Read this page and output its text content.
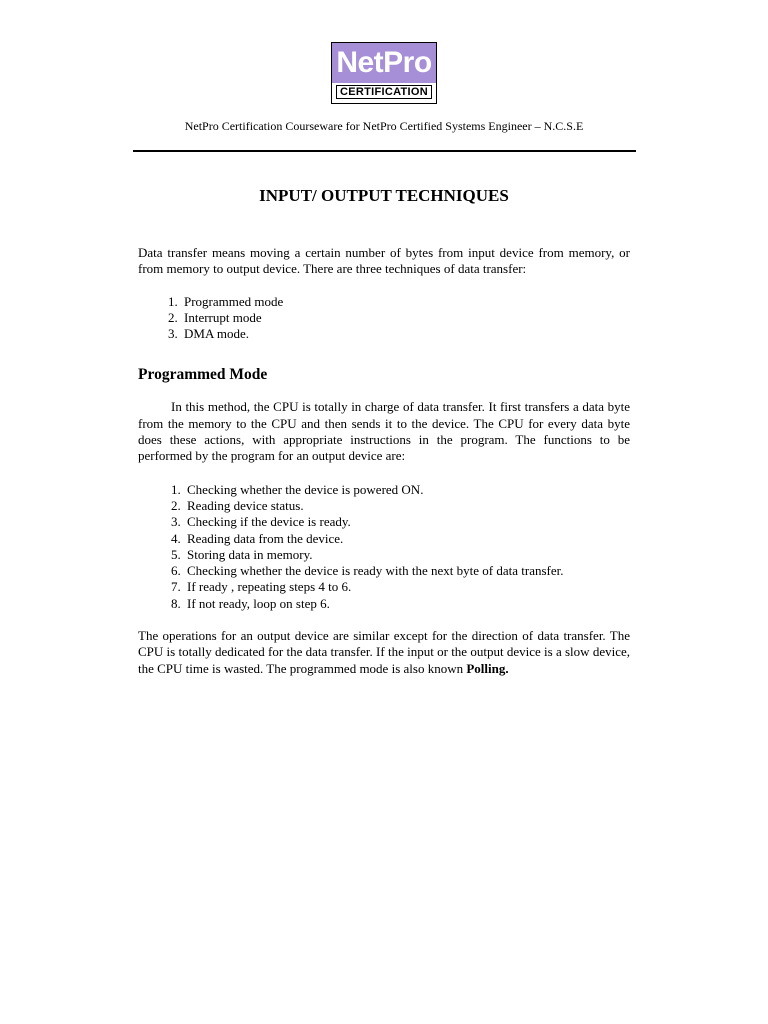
NetPro
CERTIFICATION
NetPro Certification Courseware for NetPro Certified Systems Engineer – N.C.S.E
INPUT/ OUTPUT TECHNIQUES

Data transfer means moving a certain number of bytes from input device from memory, or from memory to output device. There are three techniques of data transfer:

1. Programmed mode
2. Interrupt mode
3. DMA mode.
Programmed Mode

In this method, the CPU is totally in charge of data transfer. It first transfers a data byte from the memory to the CPU and then sends it to the device. The CPU for every data byte does these actions, with appropriate instructions in the program. The functions to be performed by the program for an output device are:

1. Checking whether the device is powered ON.
2. Reading device status.
3. Checking if the device is ready.
4. Reading data from the device.
5. Storing data in memory.
6. Checking whether the device is ready with the next byte of data transfer.
7. If ready , repeating steps 4 to 6.
8. If not ready, loop on step 6.

The operations for an output device are similar except for the direction of data transfer. The CPU is totally dedicated for the data transfer. If the input or the output device is a slow device, the CPU time is wasted. The programmed mode is also known Polling.
